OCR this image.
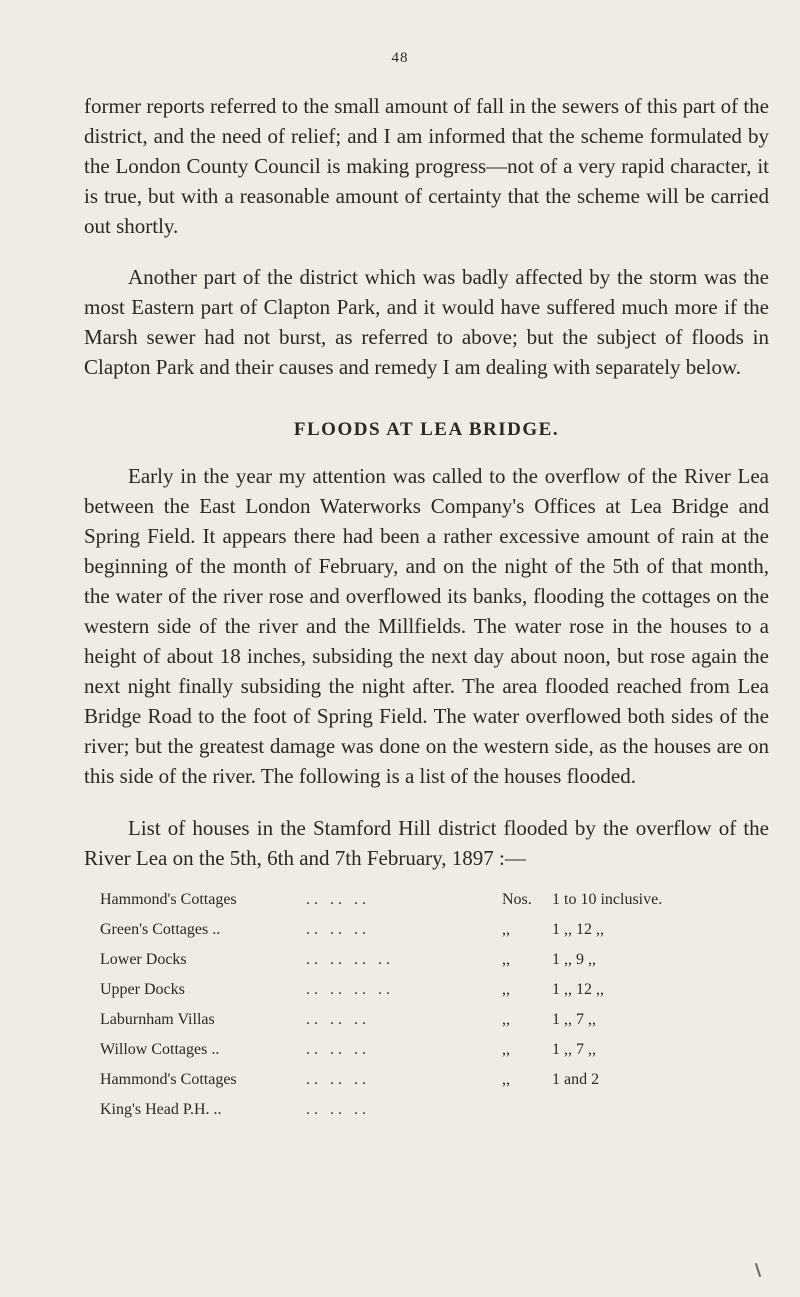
48

former reports referred to the small amount of fall in the sewers of this part of the district, and the need of relief; and I am informed that the scheme formulated by the London County Council is making progress—not of a very rapid character, it is true, but with a reasonable amount of certainty that the scheme will be carried out shortly.

Another part of the district which was badly affected by the storm was the most Eastern part of Clapton Park, and it would have suffered much more if the Marsh sewer had not burst, as referred to above; but the subject of floods in Clapton Park and their causes and remedy I am dealing with separately below.

FLOODS AT LEA BRIDGE.

Early in the year my attention was called to the overflow of the River Lea between the East London Waterworks Company's Offices at Lea Bridge and Spring Field. It appears there had been a rather excessive amount of rain at the beginning of the month of February, and on the night of the 5th of that month, the water of the river rose and overflowed its banks, flooding the cottages on the western side of the river and the Millfields. The water rose in the houses to a height of about 18 inches, subsiding the next day about noon, but rose again the next night finally subsiding the night after. The area flooded reached from Lea Bridge Road to the foot of Spring Field. The water overflowed both sides of the river; but the greatest damage was done on the western side, as the houses are on this side of the river. The following is a list of the houses flooded.

List of houses in the Stamford Hill district flooded by the overflow of the River Lea on the 5th, 6th and 7th February, 1897 :—

Hammond's Cottages	.. .. ..	Nos.	1 to 10 inclusive.
Green's Cottages ..	.. .. ..	,,	1 ,, 12 ,,
Lower Docks	.. .. .. ..	,,	1 ,, 9 ,,
Upper Docks	.. .. .. ..	,,	1 ,, 12 ,,
Laburnham Villas	.. .. ..	,,	1 ,, 7 ,,
Willow Cottages ..	.. .. ..	,,	1 ,, 7 ,,
Hammond's Cottages	.. .. ..	,,	1 and 2
King's Head P.H. ..	.. .. ..
